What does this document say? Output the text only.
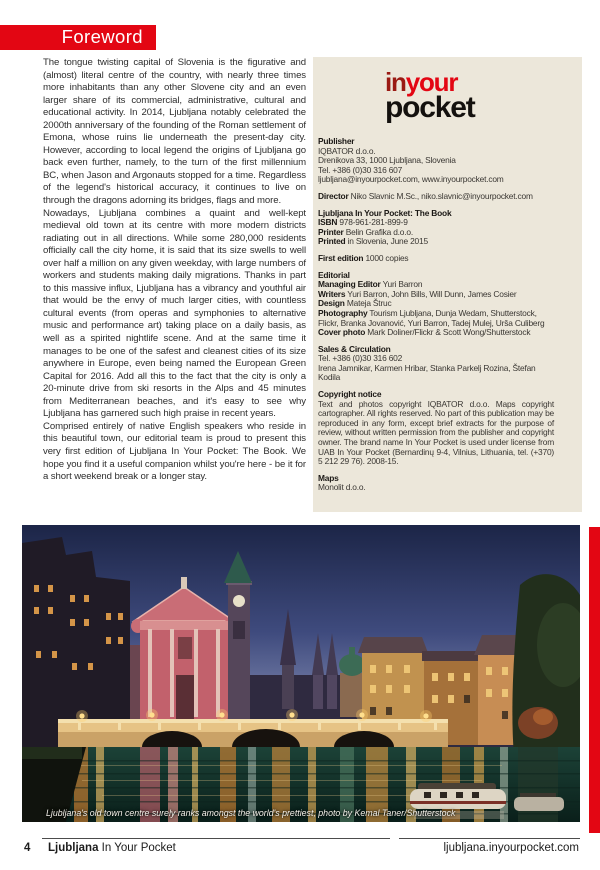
Foreword

The tongue twisting capital of Slovenia is the figurative and (almost) literal centre of the country, with nearly three times more inhabitants than any other Slovene city and an even larger share of its commercial, administrative, cultural and educational activity. In 2014, Ljubljana notably celebrated the 2000th anniversary of the founding of the Roman settlement of Emona, whose ruins lie underneath the present-day city. However, according to local legend the origins of Ljubljana go back even further, namely, to the turn of the first millennium BC, when Jason and Argonauts stopped for a time. Regardless of the legend's historical accuracy, it continues to live on through the dragons adorning its bridges, flags and more.

Nowadays, Ljubljana combines a quaint and well-kept medieval old town at its centre with more modern districts radiating out in all directions. While some 280,000 residents officially call the city home, it is said that its size swells to well over half a million on any given weekday, with large numbers of workers and students making daily migrations. Thanks in part to this massive influx, Ljubljana has a vibrancy and youthful air that would be the envy of much larger cities, with countless cultural events (from operas and symphonies to alternative music and performance art) taking place on a daily basis, as well as a spirited nightlife scene. And at the same time it manages to be one of the safest and cleanest cities of its size anywhere in Europe, even being named the European Green Capital for 2016. Add all this to the fact that the city is only a 20-minute drive from ski resorts in the Alps and 45 minutes from Mediterranean beaches, and it's easy to see why Ljubljana has garnered such high praise in recent years.

Comprised entirely of native English speakers who reside in this beautiful town, our editorial team is proud to present this very first edition of Ljubljana In Your Pocket: The Book. We hope you find it a useful companion whilst you're here - be it for a short weekend break or a longer stay.

inyour
pocket
Publisher
IQBATOR d.o.o.
Drenikova 33, 1000 Ljubljana, Slovenia
Tel. +386 (0)30 316 607
ljubljana@inyourpocket.com, www.inyourpocket.com
Director Niko Slavnic M.Sc., niko.slavnic@inyourpocket.com
Ljubljana In Your Pocket: The Book
ISBN 978-961-281-899-9
Printer Belin Grafika d.o.o.
Printed in Slovenia, June 2015
First edition 1000 copies
Editorial
Managing Editor Yuri Barron
Writers Yuri Barron, John Bills, Will Dunn, James Cosier
Design Mateja Štruc
Photography Tourism Ljubljana, Dunja Wedam, Shutterstock, Flickr, Branka Jovanović, Yuri Barron, Tadej Mulej, Urša Culiberg
Cover photo Mark Doliner/Flickr & Scott Wong/Shutterstock
Sales & Circulation
Tel. +386 (0)30 316 602
Irena Jamnikar, Karmen Hribar, Stanka Parkelj Rozina, Štefan Kodila
Copyright notice
Text and photos copyright IQBATOR d.o.o. Maps copyright cartographer. All rights reserved. No part of this publication may be reproduced in any form, except brief extracts for the purpose of review, without written permission from the publisher and copyright owner. The brand name In Your Pocket is used under license from UAB In Your Pocket (Bernardinų 9-4, Vilnius, Lithuania, tel. (+370) 5 212 29 76). 2008-15.
Maps
Monolit d.o.o.
Ljubljana's old town centre surely ranks amongst the world's prettiest, photo by Kemal Taner/Shutterstock
4 Ljubljana In Your Pocket	ljubljana.inyourpocket.com
